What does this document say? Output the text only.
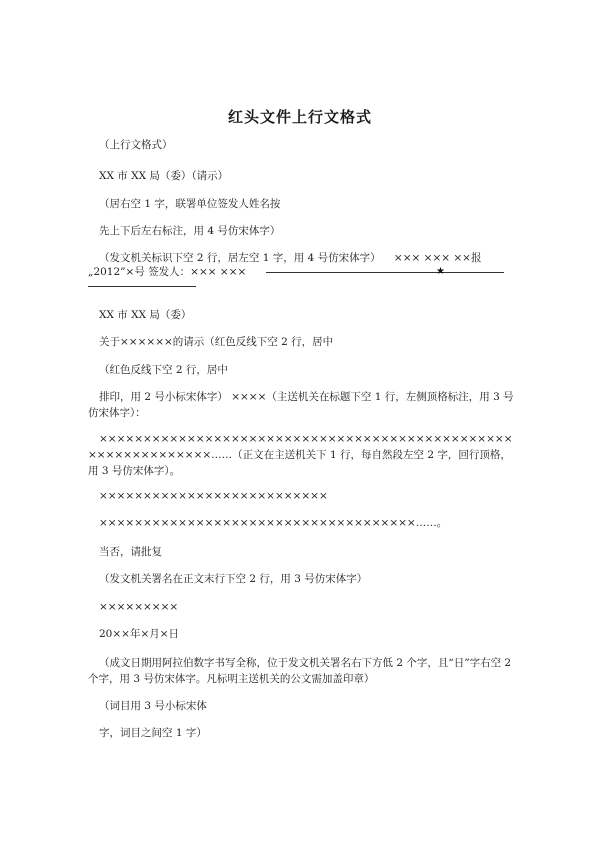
红头文件上行文格式
（上行文格式）
XX 市 XX 局（委）（请示）
（居右空 1 字，联署单位签发人姓名按
先上下后左右标注，用 4 号仿宋体字）
（发文机关标识下空 2 行，居左空 1 字，用 4 号仿宋体字） ××× ××× ××报
„2012”×号 签发人：××× ×××	★
XX 市 XX 局（委）
关于××××××的请示（红色反线下空 2 行，居中
（红色反线下空 2 行，居中
排印，用 2 号小标宋体字） ××××（主送机关在标题下空 1 行，左侧顶格标注，用 3 号仿宋体字）：
×××××××××××××××××××××××××××××××××××××××××××××××××××××××××××××……（正文在主送机关下 1 行，每自然段左空 2 字，回行顶格，用 3 号仿宋体字）。
××××××××××××××××××××××××××
××××××××××××××××××××××××××××××××××××……。
当否，请批复
（发文机关署名在正文末行下空 2 行，用 3 号仿宋体字）
×××××××××
20××年×月×日
（成文日期用阿拉伯数字书写全称，位于发文机关署名右下方低 2 个字，且“日”字右空 2 个字，用 3 号仿宋体字。凡标明主送机关的公文需加盖印章）
（词目用 3 号小标宋体
字，词目之间空 1 字）
